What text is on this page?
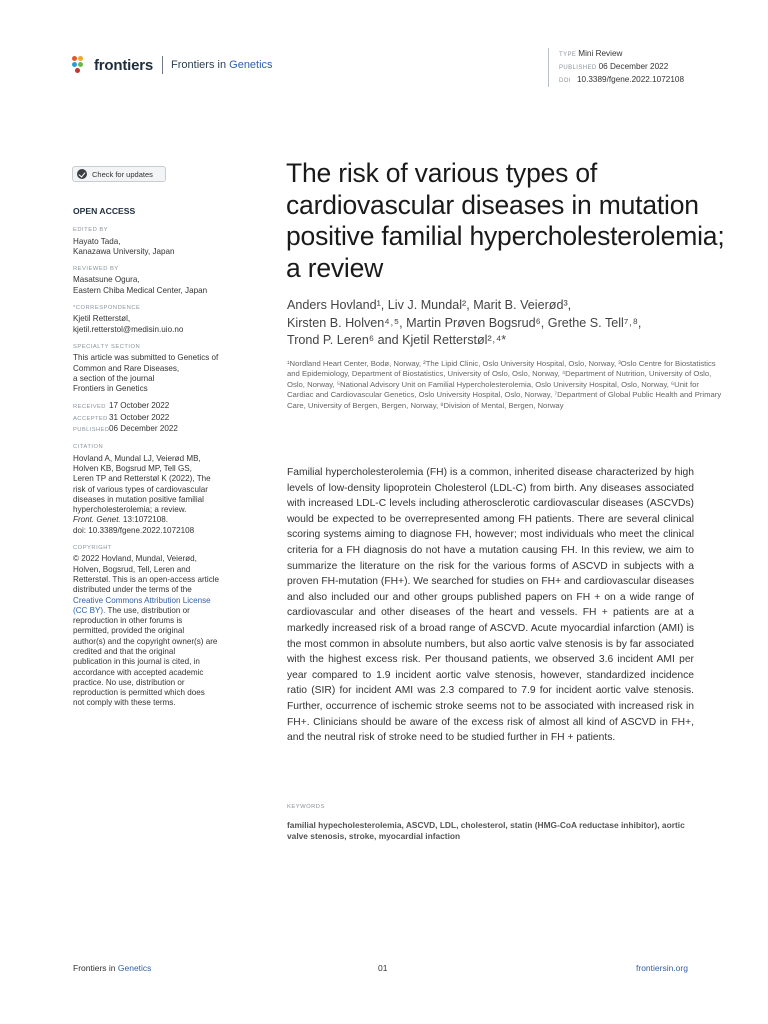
frontiers Frontiers in Genetics
TYPE Mini Review
PUBLISHED 06 December 2022
DOI 10.3389/fgene.2022.1072108
Check for updates
OPEN ACCESS
EDITED BY
Hayato Tada,
Kanazawa University, Japan
REVIEWED BY
Masatsune Ogura,
Eastern Chiba Medical Center, Japan
*CORRESPONDENCE
Kjetil Retterstøl,
kjetil.retterstol@medisin.uio.no
SPECIALTY SECTION
This article was submitted to Genetics of
Common and Rare Diseases,
a section of the journal
Frontiers in Genetics
RECEIVED 17 October 2022
ACCEPTED31 October 2022
PUBLISHED06 December 2022
CITATION
Hovland A, Mundal LJ, Veierød MB,
Holven KB, Bogsrud MP, Tell GS,
Leren TP and Retterstøl K (2022), The
risk of various types of cardiovascular
diseases in mutation positive familial
hypercholesterolemia; a review.
Front. Genet. 13:1072108.
doi: 10.3389/fgene.2022.1072108
COPYRIGHT
© 2022 Hovland, Mundal, Veierød,
Holven, Bogsrud, Tell, Leren and
Retterstøl. This is an open-access article
distributed under the terms of the
Creative Commons Attribution License
(CC BY). The use, distribution or
reproduction in other forums is
permitted, provided the original
author(s) and the copyright owner(s) are
credited and that the original
publication in this journal is cited, in
accordance with accepted academic
practice. No use, distribution or
reproduction is permitted which does
not comply with these terms.
The risk of various types of cardiovascular diseases in mutation positive familial hypercholesterolemia; a review
Anders Hovland¹, Liv J. Mundal², Marit B. Veierød³,
Kirsten B. Holven⁴˒⁵, Martin Prøven Bogsrud⁶, Grethe S. Tell⁷˒⁸,
Trond P. Leren⁶ and Kjetil Retterstøl²˒⁴*
¹Nordland Heart Center, Bodø, Norway, ²The Lipid Clinic, Oslo University Hospital, Oslo, Norway, ³Oslo Centre for Biostatistics and Epidemiology, Department of Biostatistics, University of Oslo, Oslo, Norway, ⁴Department of Nutrition, University of Oslo, Oslo, Norway, ⁵National Advisory Unit on Familial Hypercholesterolemia, Oslo University Hospital, Oslo, Norway, ⁶Unit for Cardiac and Cardiovascular Genetics, Oslo University Hospital, Oslo, Norway, ⁷Department of Global Public Health and Primary Care, University of Bergen, Bergen, Norway, ⁸Division of Mental, Bergen, Norway
Familial hypercholesterolemia (FH) is a common, inherited disease characterized by high levels of low-density lipoprotein Cholesterol (LDL-C) from birth. Any diseases associated with increased LDL-C levels including atherosclerotic cardiovascular diseases (ASCVDs) would be expected to be overrepresented among FH patients. There are several clinical scoring systems aiming to diagnose FH, however; most individuals who meet the clinical criteria for a FH diagnosis do not have a mutation causing FH. In this review, we aim to summarize the literature on the risk for the various forms of ASCVD in subjects with a proven FH-mutation (FH+). We searched for studies on FH+ and cardiovascular diseases and also included our and other groups published papers on FH + on a wide range of cardiovascular and other diseases of the heart and vessels. FH + patients are at a markedly increased risk of a broad range of ASCVD. Acute myocardial infarction (AMI) is the most common in absolute numbers, but also aortic valve stenosis is by far associated with the highest excess risk. Per thousand patients, we observed 3.6 incident AMI per year compared to 1.9 incident aortic valve stenosis, however, standardized incidence ratio (SIR) for incident AMI was 2.3 compared to 7.9 for incident aortic valve stenosis. Further, occurrence of ischemic stroke seems not to be associated with increased risk in FH+. Clinicians should be aware of the excess risk of almost all kind of ASCVD in FH+, and the neutral risk of stroke need to be studied further in FH + patients.
KEYWORDS
familial hypecholesterolemia, ASCVD, LDL, cholesterol, statin (HMG-CoA reductase inhibitor), aortic valve stenosis, stroke, myocardial infaction
Frontiers in Genetics	01	frontiersin.org
